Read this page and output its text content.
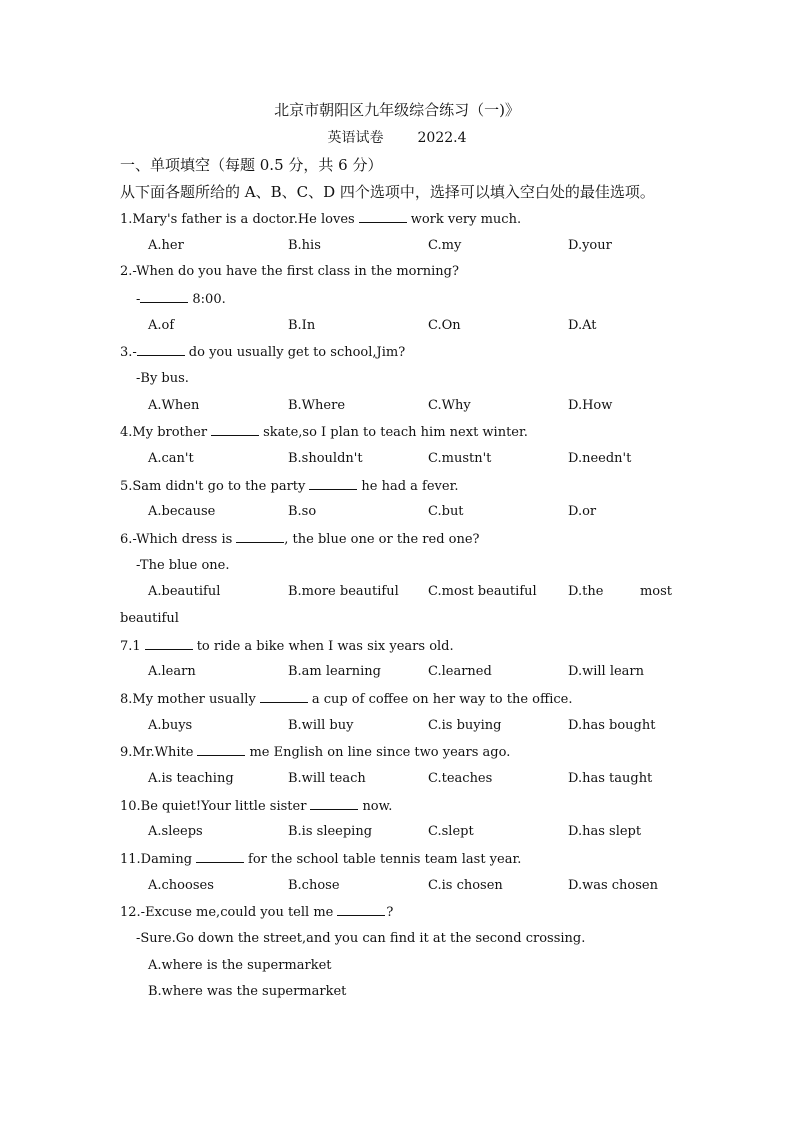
北京市朝阳区九年级综合练习（一)》
英语试卷 2022.4
一、单项填空（每题 0.5 分，共 6 分）
从下面各题所给的 A、B、C、D 四个选项中，选择可以填入空白处的最佳选项。
1.Mary's father is a doctor.He loves	work very much.
A.her	B.his	C.my	D.your
2.-When do you have the first class in the morning?
-	8:00.
A.of	B.In	C.On	D.At
3.-	do you usually get to school,Jim?
-By bus.
A.When	B.Where	C.Why	D.How
4.My brother	skate,so I plan to teach him next winter.
A.can't	B.shouldn't	C.mustn't	D.needn't
5.Sam didn't go to the party	he had a fever.
A.because	B.so	C.but	D.or
6.-Which dress is	, the blue one or the red one?
-The blue one.
A.beautiful	B.more beautiful C.most beautiful D.the	most
beautiful
7.1	to ride a bike when I was six years old.
A.learn	B.am learning	C.learned	D.will learn
8.My mother usually	a cup of coffee on her way to the office.
A.buys	B.will buy	C.is buying	D.has bought
9.Mr.White	me English on line since two years ago.
A.is teaching	B.will teach	C.teaches	D.has taught
10.Be quiet!Your little sister	now.
A.sleeps	B.is sleeping	C.slept	D.has slept
11.Daming	for the school table tennis team last year.
A.chooses	B.chose	C.is chosen	D.was chosen
12.-Excuse me,could you tell me	?
-Sure.Go down the street,and you can find it at the second crossing.
A.where is the supermarket
B.where was the supermarket
